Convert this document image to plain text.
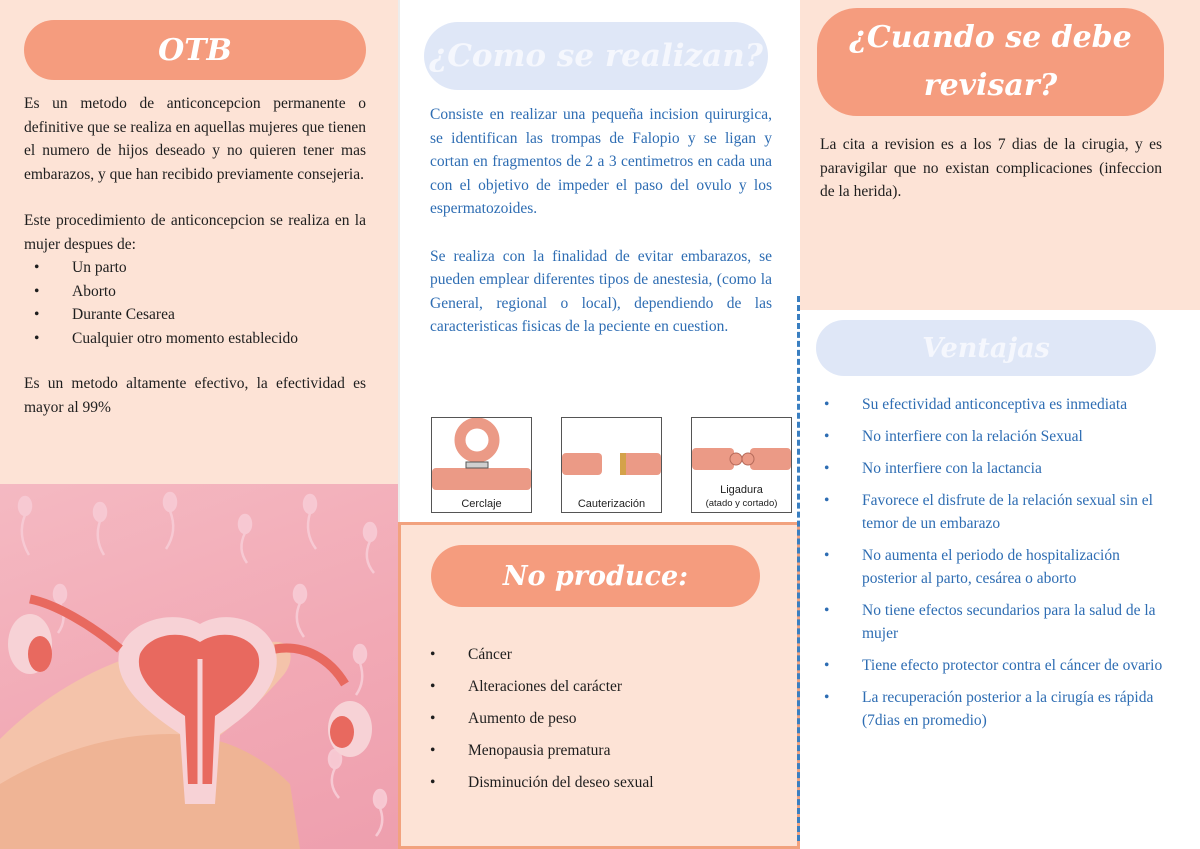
OTB

Es un metodo de anticoncepcion permanente o definitive que se realiza en aquellas mujeres que tienen el numero de hijos deseado y no quieren tener mas embarazos, y que han recibido previamente consejeria.

Este procedimiento de anticoncepcion se realiza en la mujer despues de:

• Un parto
• Aborto
• Durante Cesarea
• Cualquier otro momento establecido

Es un metodo altamente efectivo, la efectividad es mayor al 99%

¿Como se realizan?

Consiste en realizar una pequeña incision quirurgica, se identifican las trompas de Falopio y se ligan y cortan en fragmentos de 2 a 3 centimetros en cada una con el objetivo de impeder el paso del ovulo y los espermatozoides.

Se realiza con la finalidad de evitar embarazos, se pueden emplear diferentes tipos de anestesia, (como la General, regional o local), dependiendo de las caracteristicas fisicas de la peciente en cuestion.

Cerclaje	Cauterización
Ligadura
(atado y cortado)
No produce:
• Cáncer
• Alteraciones del carácter
• Aumento de peso
• Menopausia prematura
• Disminución del deseo sexual
¿Cuando se debe revisar?

La cita a revision es a los 7 dias de la cirugia, y es paravigilar que no existan complicaciones (infeccion de la herida).

Ventajas
• Su efectividad anticonceptiva es inmediata
• No interfiere con la relación Sexual
• No interfiere con la lactancia
• Favorece el disfrute de la relación sexual sin el temor de un embarazo
• No aumenta el periodo de hospitalización posterior al parto, cesárea o aborto
• No tiene efectos secundarios para la salud de la mujer
• Tiene efecto protector contra el cáncer de ovario
• La recuperación posterior a la cirugía es rápida (7dias en promedio)
